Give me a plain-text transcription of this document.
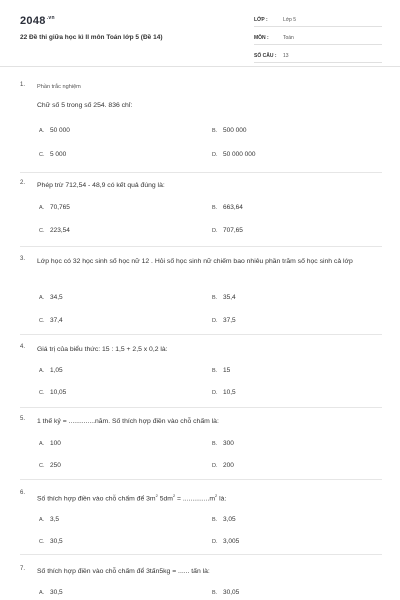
$2048^{.vn}$
22 Đề thi giữa học kì II môn Toán lớp 5 (Đề 14)
LỚP :	Lớp 5
MÔN :	Toán
SỐ CÂU : 13
1. Phần trắc nghiệm
Chữ số 5 trong số 254. 836 chỉ:
A. 50 000	B. 500 000
C. 5 000	D. 50 000 000
2. Phép trừ 712,54 - 48,9 có kết quả đúng là:
A. 70,765	B. 663,64
C. 223,54	D. 707,65
3. Lớp học có 32 học sinh số học nữ 12 . Hỏi số học sinh nữ chiếm bao nhiêu phần trăm số học sinh cả lớp
A. 34,5	B. 35,4
C. 37,4	D. 37,5
4. Giá trị của biểu thức: 15 : 1,5 + 2,5 x 0,2 là:
A. 1,05	B. 15
C. 10,05	D. 10,5
5. 1 thế kỷ = ..............năm. Số thích hợp điền vào chỗ chấm là:
A. 100	B. 300
C. 250	D. 200
6.
Số thích hợp điền vào chỗ chấm để $3m^2$ $5dm^2 = ..............m^2$ là:
A. 3,5	B. 3,05
C. 30,5	D. 3,005
7. Số thích hợp điền vào chỗ chấm để 3tấn5kg = ...... tấn là:
A. 30,5	B. 30,05
